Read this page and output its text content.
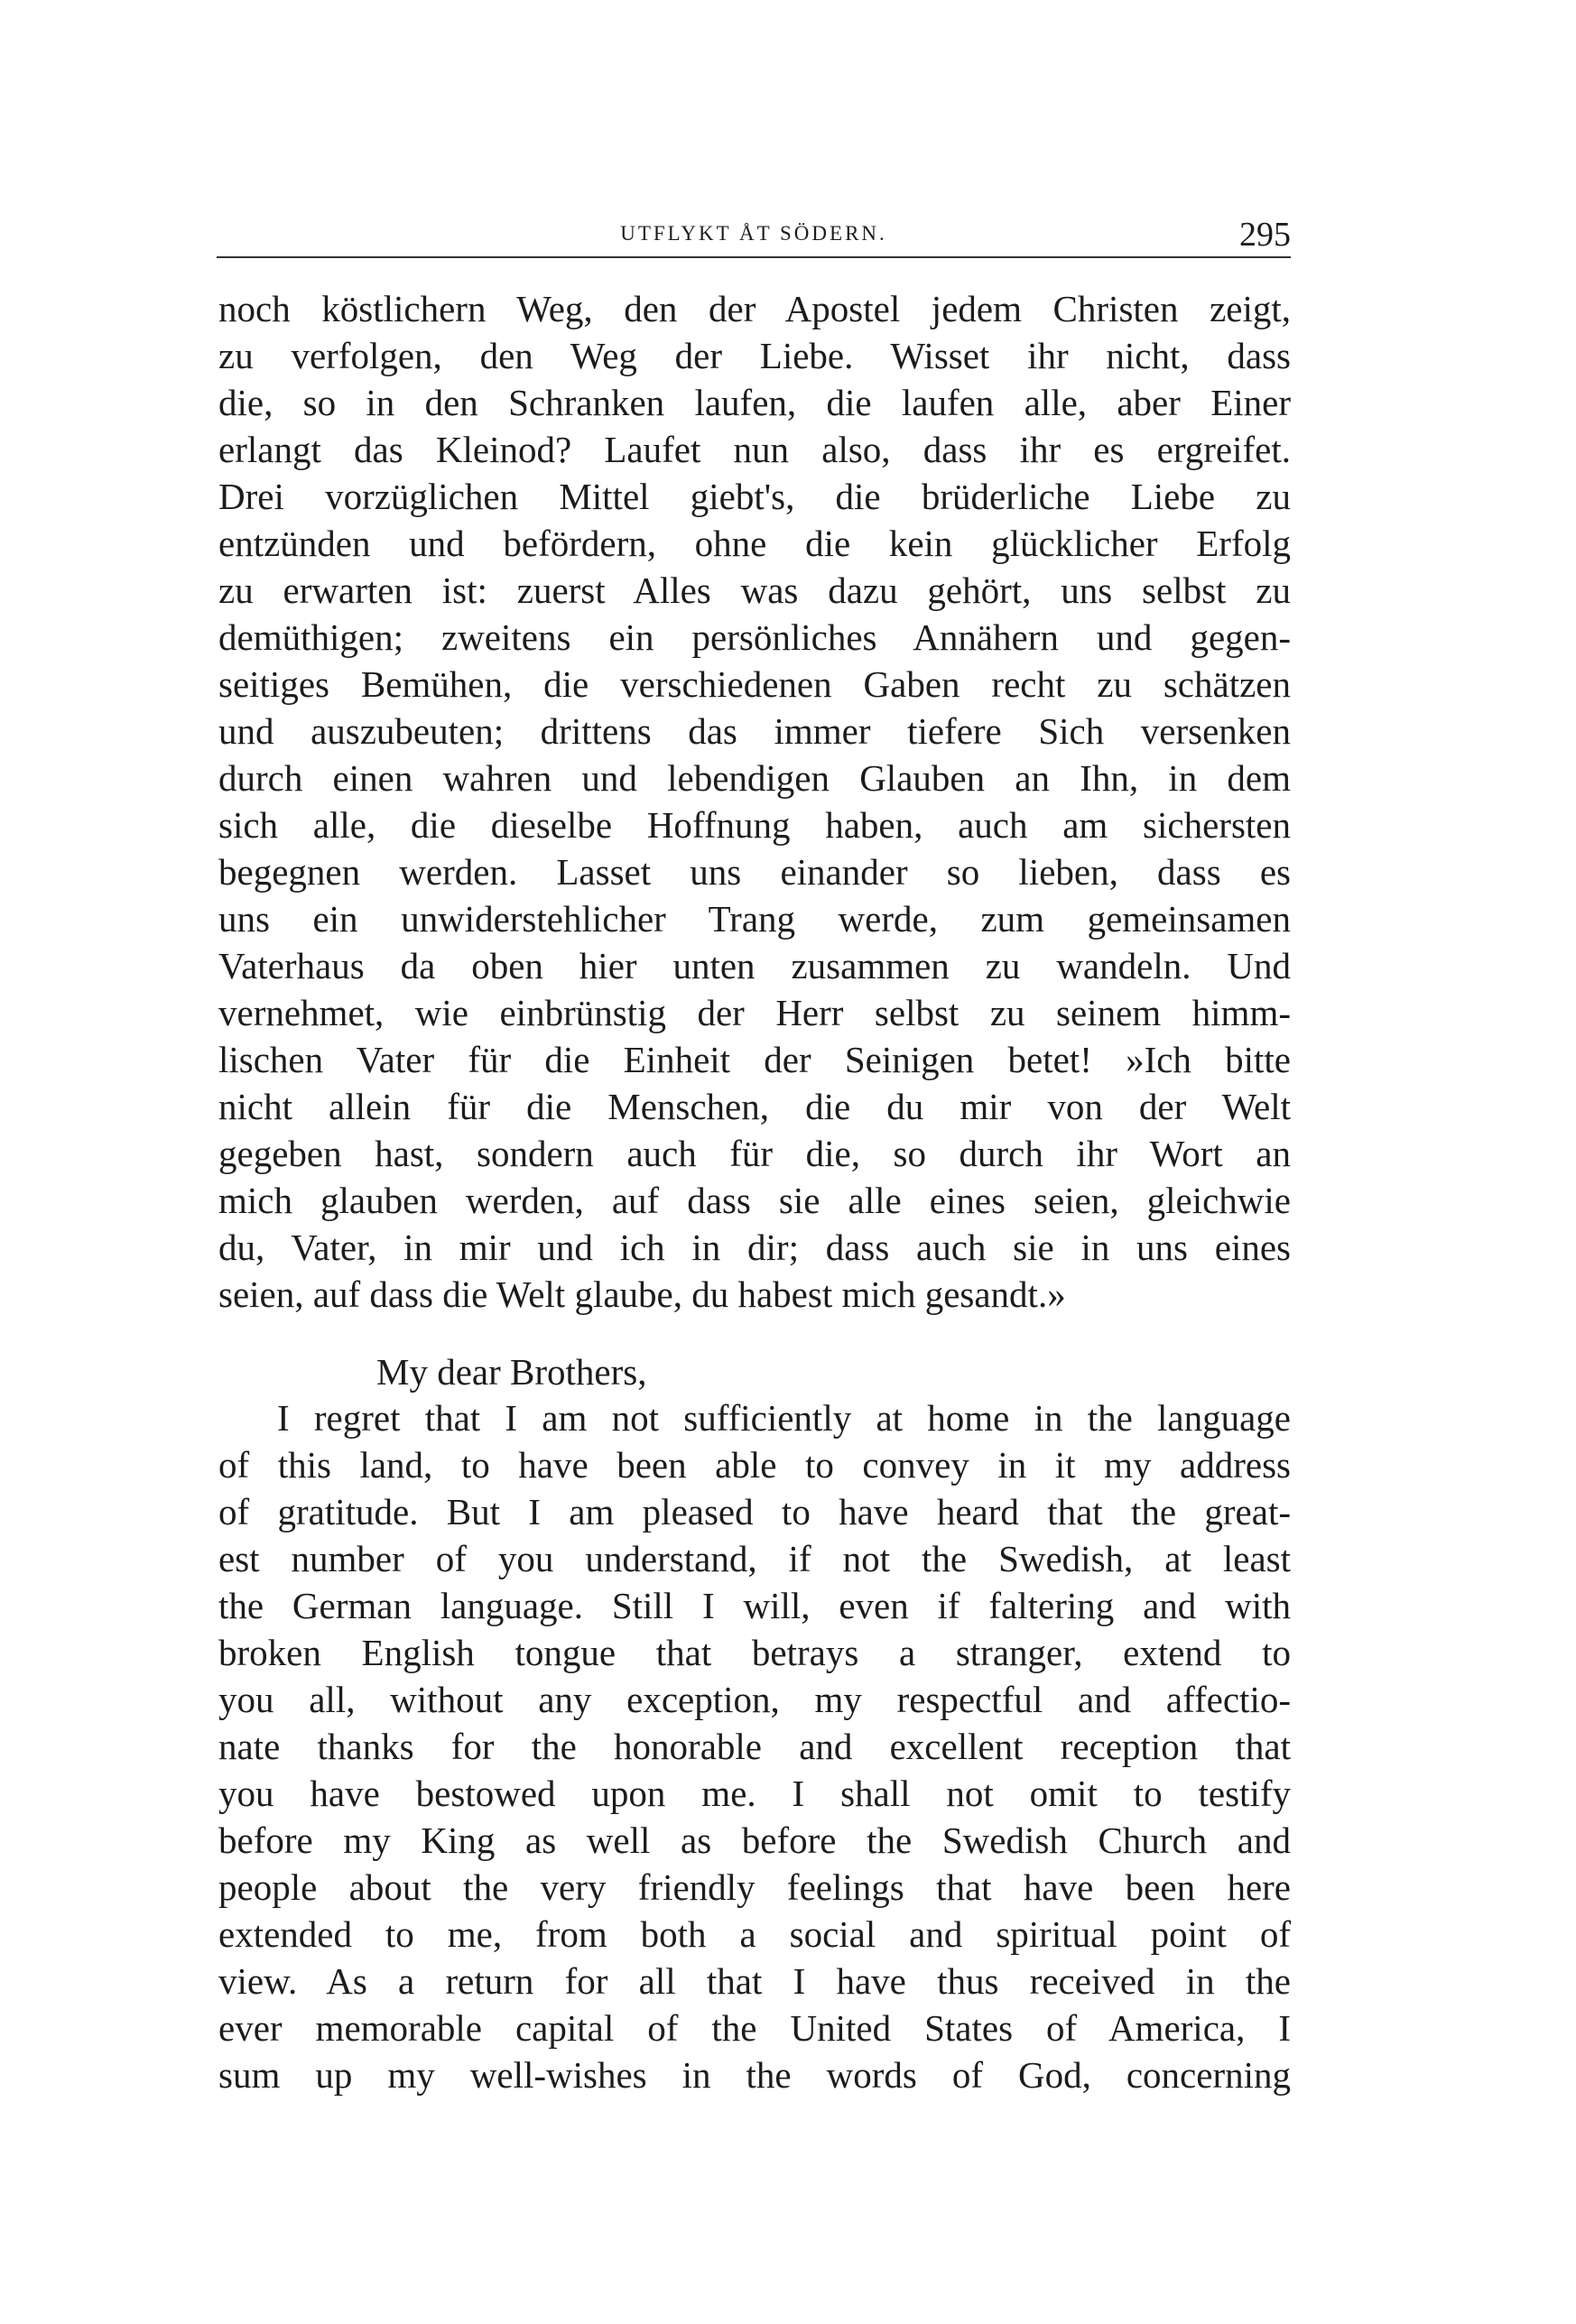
UTFLYKT ÅT SÖDERN.	295
noch köstlichern Weg, den der Apostel jedem Christen zeigt,
zu verfolgen, den Weg der Liebe. Wisset ihr nicht, dass
die, so in den Schranken laufen, die laufen alle, aber Einer
erlangt das Kleinod? Laufet nun also, dass ihr es ergreifet.
Drei vorzüglichen Mittel giebt's, die brüderliche Liebe zu
entzünden und befördern, ohne die kein glücklicher Erfolg
zu erwarten ist: zuerst Alles was dazu gehört, uns selbst zu
demüthigen; zweitens ein persönliches Annähern und gegen-
seitiges Bemühen, die verschiedenen Gaben recht zu schätzen
und auszubeuten; drittens das immer tiefere Sich versenken
durch einen wahren und lebendigen Glauben an Ihn, in dem
sich alle, die dieselbe Hoffnung haben, auch am sichersten
begegnen werden. Lasset uns einander so lieben, dass es
uns ein unwiderstehlicher Trang werde, zum gemeinsamen
Vaterhaus da oben hier unten zusammen zu wandeln. Und
vernehmet, wie einbrünstig der Herr selbst zu seinem himm-
lischen Vater für die Einheit der Seinigen betet! »Ich bitte
nicht allein für die Menschen, die du mir von der Welt
gegeben hast, sondern auch für die, so durch ihr Wort an
mich glauben werden, auf dass sie alle eines seien, gleichwie
du, Vater, in mir und ich in dir; dass auch sie in uns eines
seien, auf dass die Welt glaube, du habest mich gesandt.»
My dear Brothers,
I regret that I am not sufficiently at home in the language
of this land, to have been able to convey in it my address
of gratitude. But I am pleased to have heard that the great-
est number of you understand, if not the Swedish, at least
the German language. Still I will, even if faltering and with
broken English tongue that betrays a stranger, extend to
you all, without any exception, my respectful and affectio-
nate thanks for the honorable and excellent reception that
you have bestowed upon me. I shall not omit to testify
before my King as well as before the Swedish Church and
people about the very friendly feelings that have been here
extended to me, from both a social and spiritual point of
view. As a return for all that I have thus received in the
ever memorable capital of the United States of America, I
sum up my well-wishes in the words of God, concerning
